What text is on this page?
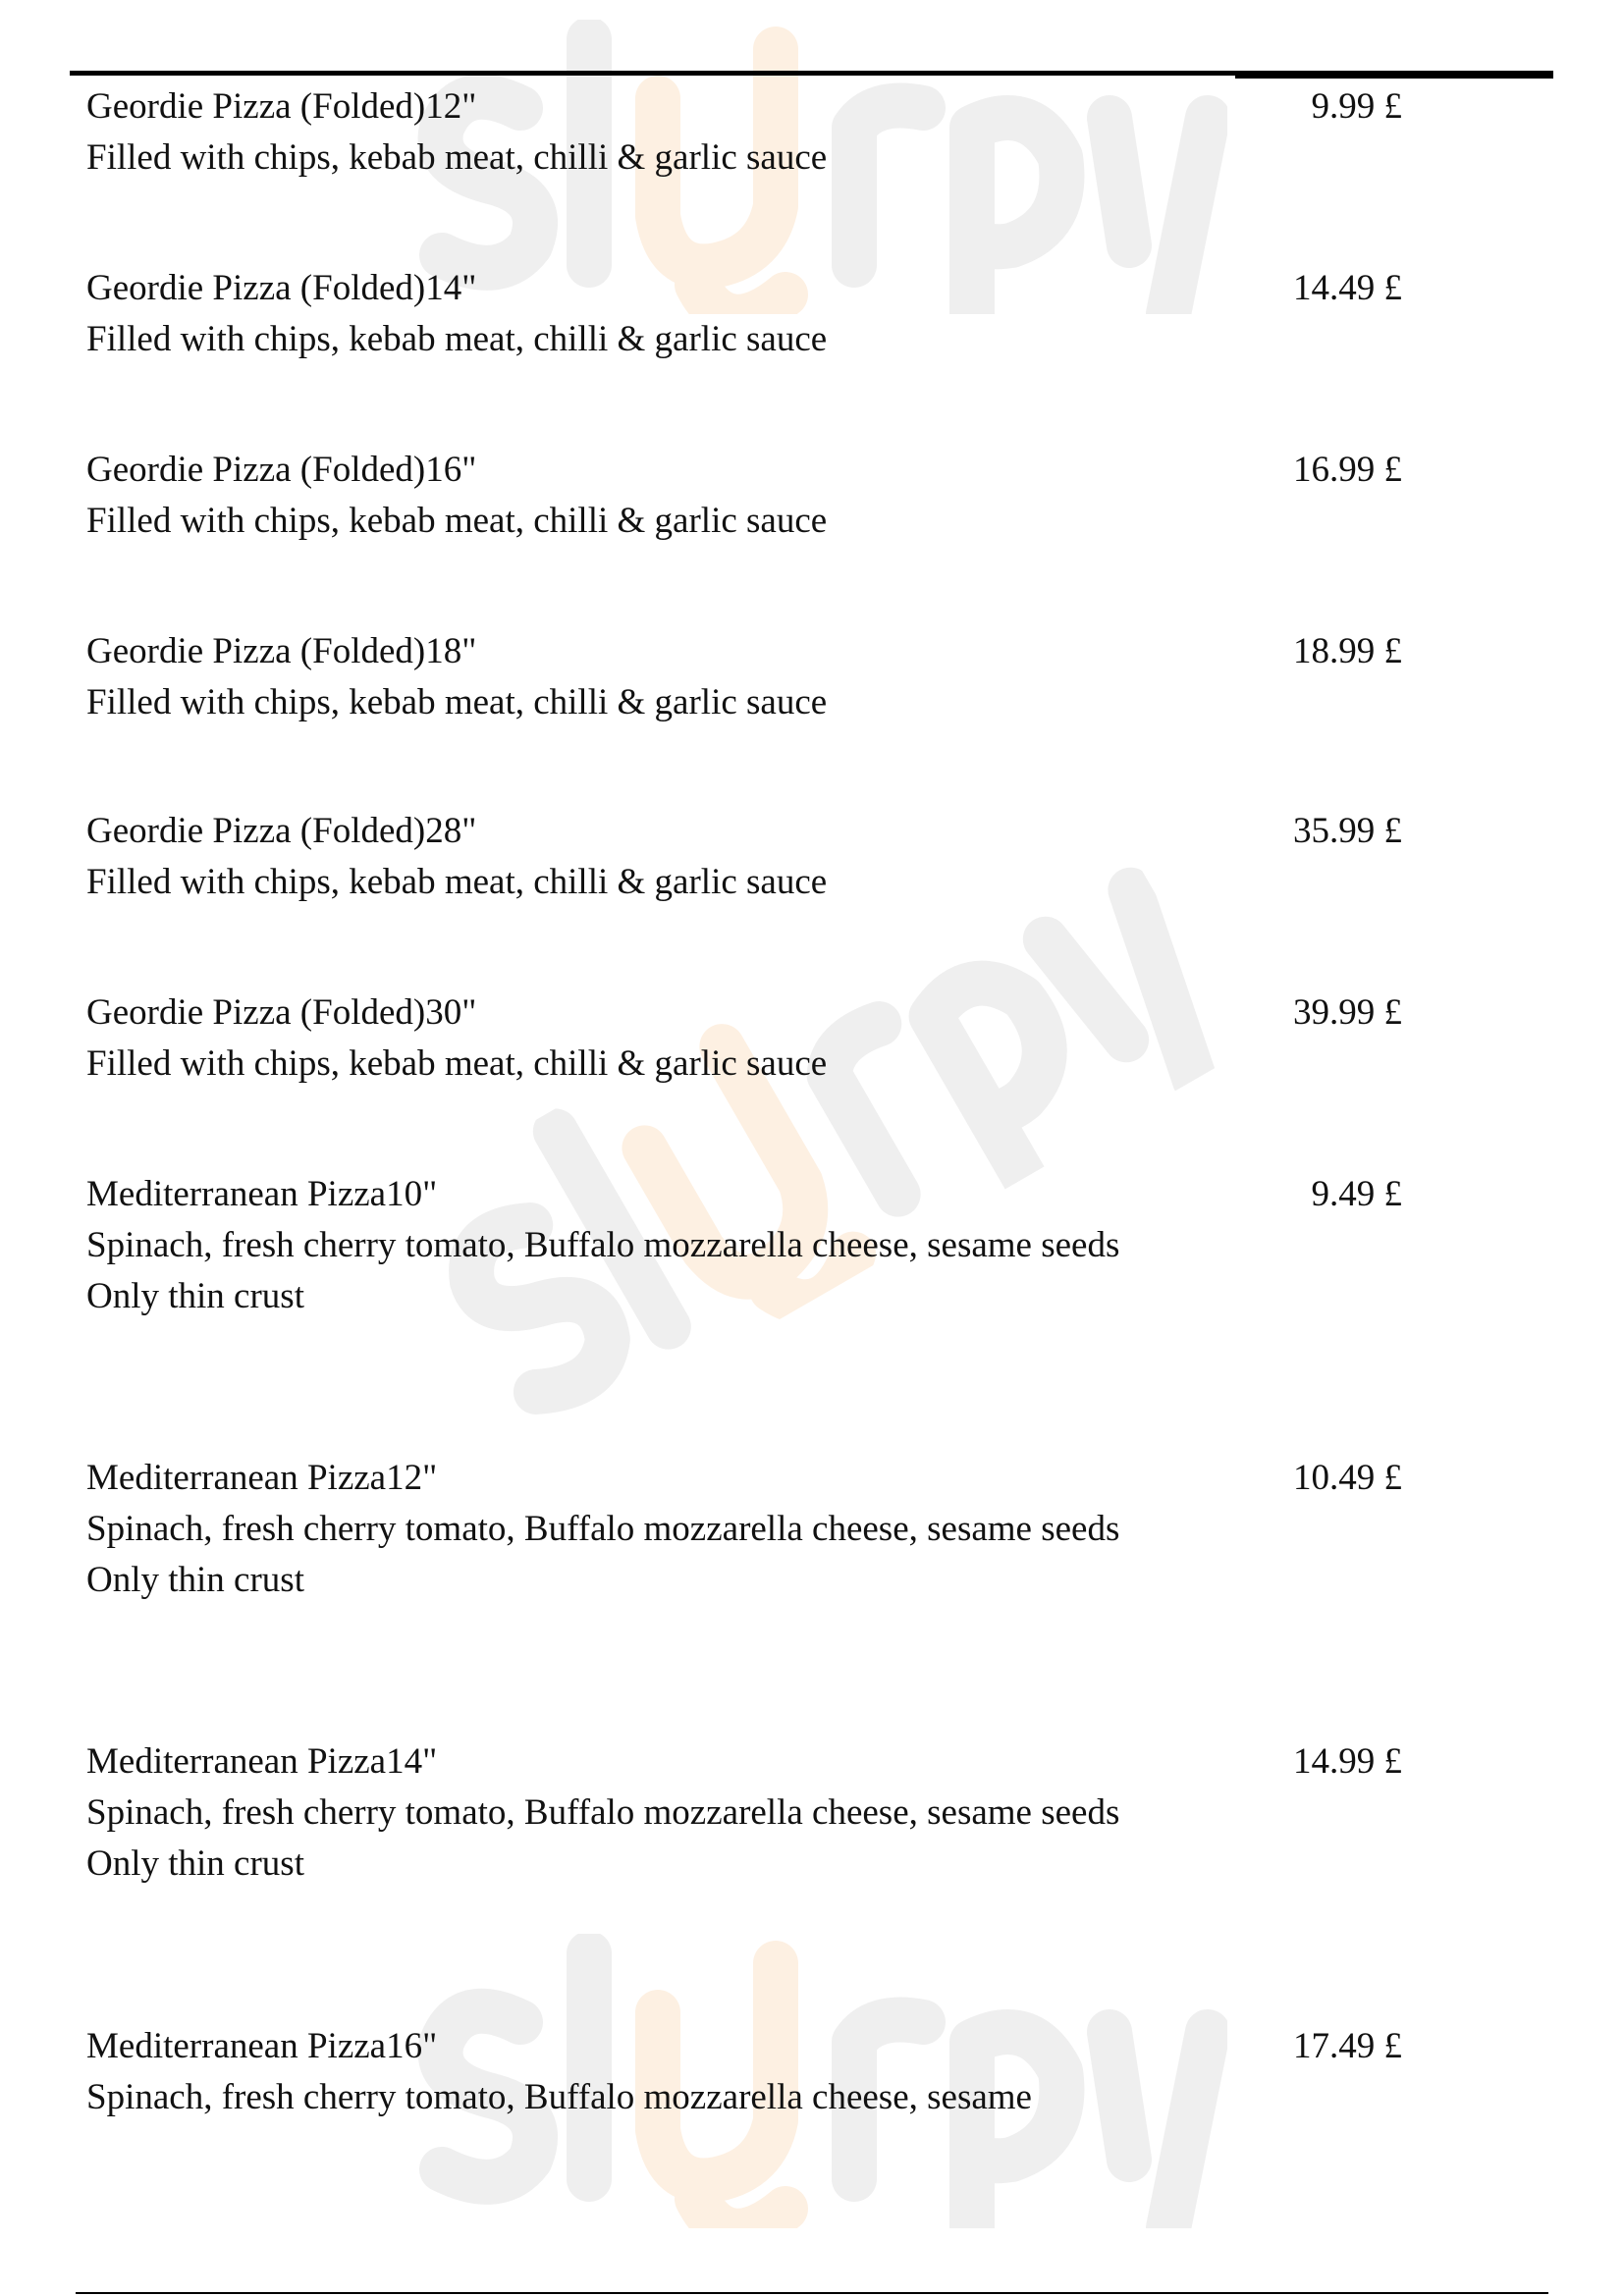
Geordie Pizza (Folded)12"
Filled with chips, kebab meat, chilli & garlic sauce
9.99 £
Geordie Pizza (Folded)14"
Filled with chips, kebab meat, chilli & garlic sauce
14.49 £
Geordie Pizza (Folded)16"
Filled with chips, kebab meat, chilli & garlic sauce
16.99 £
Geordie Pizza (Folded)18"
Filled with chips, kebab meat, chilli & garlic sauce
18.99 £
Geordie Pizza (Folded)28"
Filled with chips, kebab meat, chilli & garlic sauce
35.99 £
Geordie Pizza (Folded)30"
Filled with chips, kebab meat, chilli & garlic sauce
39.99 £
Mediterranean Pizza10"
Spinach, fresh cherry tomato, Buffalo mozzarella cheese, sesame seeds
Only thin crust
9.49 £
Mediterranean Pizza12"
Spinach, fresh cherry tomato, Buffalo mozzarella cheese, sesame seeds
Only thin crust
10.49 £
Mediterranean Pizza14"
Spinach, fresh cherry tomato, Buffalo mozzarella cheese, sesame seeds
Only thin crust
14.99 £
Mediterranean Pizza16"
Spinach, fresh cherry tomato, Buffalo mozzarella cheese, sesame
17.49 £
